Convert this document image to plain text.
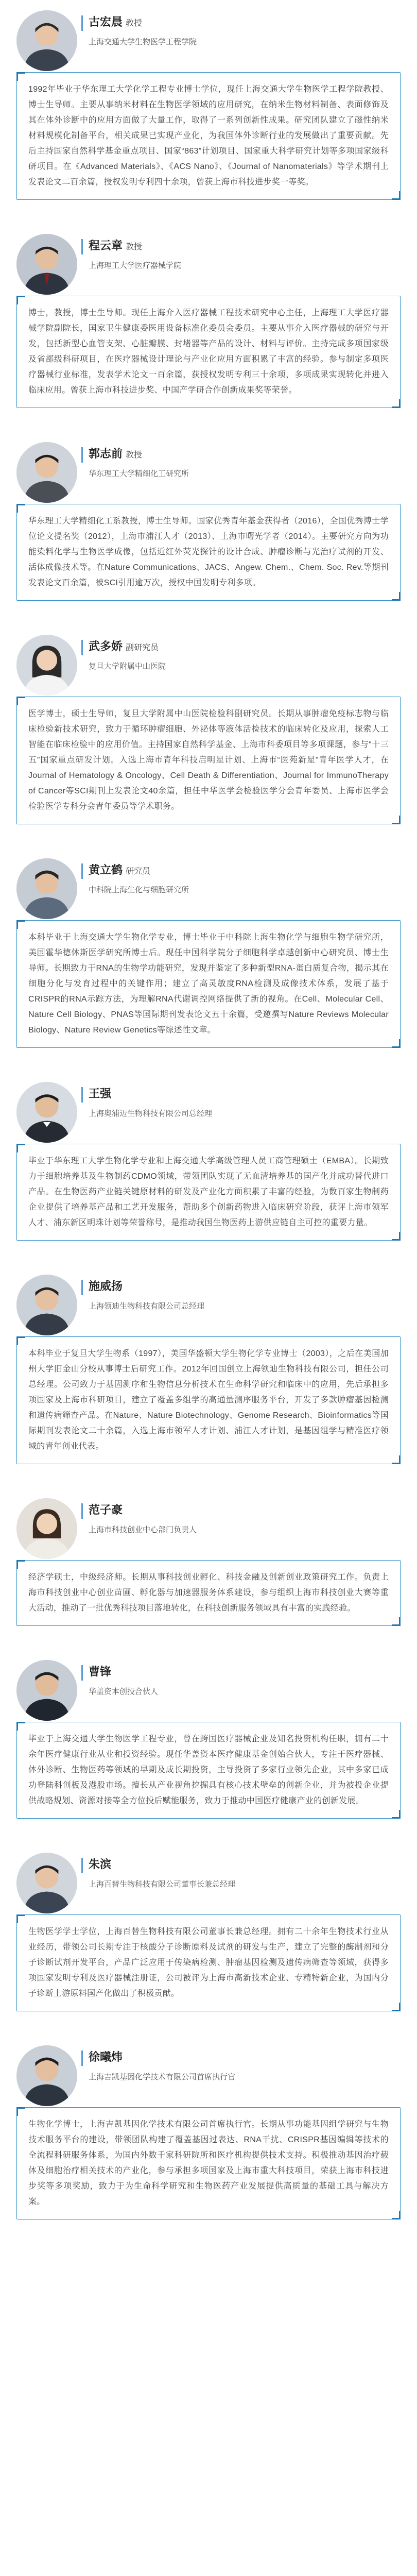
古宏晨 教授
上海交通大学生物医学工程学院

1992年毕业于华东理工大学化学工程专业博士学位，现任上海交通大学生物医学工程学院教授、博士生导师。主要从事纳米材料在生物医学领域的应用研究，在纳米生物材料制备、表面修饰及其在体外诊断中的应用方面做了大量工作，取得了一系列创新性成果。研究团队建立了磁性纳米材料规模化制备平台，相关成果已实现产业化，为我国体外诊断行业的发展做出了重要贡献。先后主持国家自然科学基金重点项目、国家“863”计划项目、国家重大科学研究计划等多项国家级科研项目。在《Advanced Materials》、《ACS Nano》、《Journal of Nanomaterials》等学术期刊上发表论文二百余篇，授权发明专利四十余项，曾获上海市科技进步奖一等奖。

程云章 教授
上海理工大学医疗器械学院

博士，教授，博士生导师。现任上海介入医疗器械工程技术研究中心主任，上海理工大学医疗器械学院副院长，国家卫生健康委医用设备标准化委员会委员。主要从事介入医疗器械的研究与开发，包括新型心血管支架、心脏瓣膜、封堵器等产品的设计、材料与评价。主持完成多项国家级及省部级科研项目，在医疗器械设计理论与产业化应用方面积累了丰富的经验。参与制定多项医疗器械行业标准，发表学术论文一百余篇，获授权发明专利三十余项，多项成果实现转化并进入临床应用。曾获上海市科技进步奖、中国产学研合作创新成果奖等荣誉。

郭志前 教授
华东理工大学精细化工研究所

华东理工大学精细化工系教授，博士生导师。国家优秀青年基金获得者（2016），全国优秀博士学位论文提名奖（2012），上海市浦江人才（2013）、上海市曙光学者（2014）。主要研究方向为功能染料化学与生物医学成像，包括近红外荧光探针的设计合成、肿瘤诊断与光治疗试剂的开发、活体成像技术等。在Nature Communications、JACS、Angew. Chem.、Chem. Soc. Rev.等期刊发表论文百余篇，被SCI引用逾万次，授权中国发明专利多项。

武多娇 副研究员
复旦大学附属中山医院

医学博士，硕士生导师，复旦大学附属中山医院检验科副研究员。长期从事肿瘤免疫标志物与临床检验新技术研究，致力于循环肿瘤细胞、外泌体等液体活检技术的临床转化及应用，探索人工智能在临床检验中的应用价值。主持国家自然科学基金、上海市科委项目等多项课题，参与“十三五”国家重点研发计划。入选上海市青年科技启明星计划、上海市“医苑新星”青年医学人才，在Journal of Hematology & Oncology、Cell Death & Differentiation、Journal for ImmunoTherapy of Cancer等SCI期刊上发表论文40余篇，担任中华医学会检验医学分会青年委员、上海市医学会检验医学专科分会青年委员等学术职务。

黄立鹤 研究员
中科院上海生化与细胞研究所

本科毕业于上海交通大学生物化学专业，博士毕业于中科院上海生物化学与细胞生物学研究所，美国霍华德休斯医学研究所博士后。现任中国科学院分子细胞科学卓越创新中心研究员、博士生导师。长期致力于RNA的生物学功能研究，发现并鉴定了多种新型RNA-蛋白质复合物，揭示其在细胞分化与发育过程中的关键作用；建立了高灵敏度RNA检测及成像技术体系，发展了基于CRISPR的RNA示踪方法，为理解RNA代谢调控网络提供了新的视角。在Cell、Molecular Cell、Nature Cell Biology、PNAS等国际期刊发表论文五十余篇，受邀撰写Nature Reviews Molecular Biology、Nature Review Genetics等综述性文章。

王强
上海奥浦迈生物科技有限公司总经理

毕业于华东理工大学生物化学专业和上海交通大学高级管理人员工商管理硕士（EMBA）。长期致力于细胞培养基及生物制药CDMO领域，带领团队实现了无血清培养基的国产化并成功替代进口产品。在生物医药产业链关键原材料的研发及产业化方面积累了丰富的经验，为数百家生物制药企业提供了培养基产品和工艺开发服务，帮助多个创新药物进入临床研究阶段，获评上海市领军人才、浦东新区明珠计划等荣誉称号，是推动我国生物医药上游供应链自主可控的重要力量。

施威扬
上海领迪生物科技有限公司总经理

本科毕业于复旦大学生物系（1997），美国华盛顿大学生物化学专业博士（2003），之后在美国加州大学旧金山分校从事博士后研究工作。2012年回国创立上海领迪生物科技有限公司，担任公司总经理。公司致力于基因测序和生物信息分析技术在生命科学研究和临床中的应用，先后承担多项国家及上海市科研项目，建立了覆盖多组学的高通量测序服务平台，开发了多款肿瘤基因检测和遗传病筛查产品。在Nature、Nature Biotechnology、Genome Research、Bioinformatics等国际期刊发表论文二十余篇，入选上海市领军人才计划、浦江人才计划，是基因组学与精准医疗领域的青年创业代表。

范子豪
上海市科技创业中心部门负责人

经济学硕士，中级经济师。长期从事科技创业孵化、科技金融及创新创业政策研究工作。负责上海市科技创业中心创业苗圃、孵化器与加速器服务体系建设，参与组织上海市科技创业大赛等重大活动，推动了一批优秀科技项目落地转化，在科技创新服务领域具有丰富的实践经验。

曹锋
华盖资本创投合伙人

毕业于上海交通大学生物医学工程专业，曾在跨国医疗器械企业及知名投资机构任职，拥有二十余年医疗健康行业从业和投资经验。现任华盖资本医疗健康基金创始合伙人，专注于医疗器械、体外诊断、生物医药等领域的早期及成长期投资，主导投资了多家行业领先企业，其中多家已成功登陆科创板及港股市场。擅长从产业视角挖掘具有核心技术壁垒的创新企业，并为被投企业提供战略规划、资源对接等全方位投后赋能服务，致力于推动中国医疗健康产业的创新发展。

朱滨
上海百替生物科技有限公司董事长兼总经理

生物医学学士学位，上海百替生物科技有限公司董事长兼总经理。拥有二十余年生物技术行业从业经历，带领公司长期专注于核酸分子诊断原料及试剂的研发与生产，建立了完整的酶制剂和分子诊断试剂开发平台，产品广泛应用于传染病检测、肿瘤基因检测及遗传病筛查等领域，获得多项国家发明专利及医疗器械注册证，公司被评为上海市高新技术企业、专精特新企业，为国内分子诊断上游原料国产化做出了积极贡献。

徐曦炜
上海吉凯基因化学技术有限公司首席执行官

生物化学博士，上海吉凯基因化学技术有限公司首席执行官。长期从事功能基因组学研究与生物技术服务平台的建设，带领团队构建了覆盖基因过表达、RNA干扰、CRISPR基因编辑等技术的全流程科研服务体系，为国内外数千家科研院所和医疗机构提供技术支持。积极推动基因治疗载体及细胞治疗相关技术的产业化，参与承担多项国家及上海市重大科技项目，荣获上海市科技进步奖等多项奖励，致力于为生命科学研究和生物医药产业发展提供高质量的基础工具与解决方案。
